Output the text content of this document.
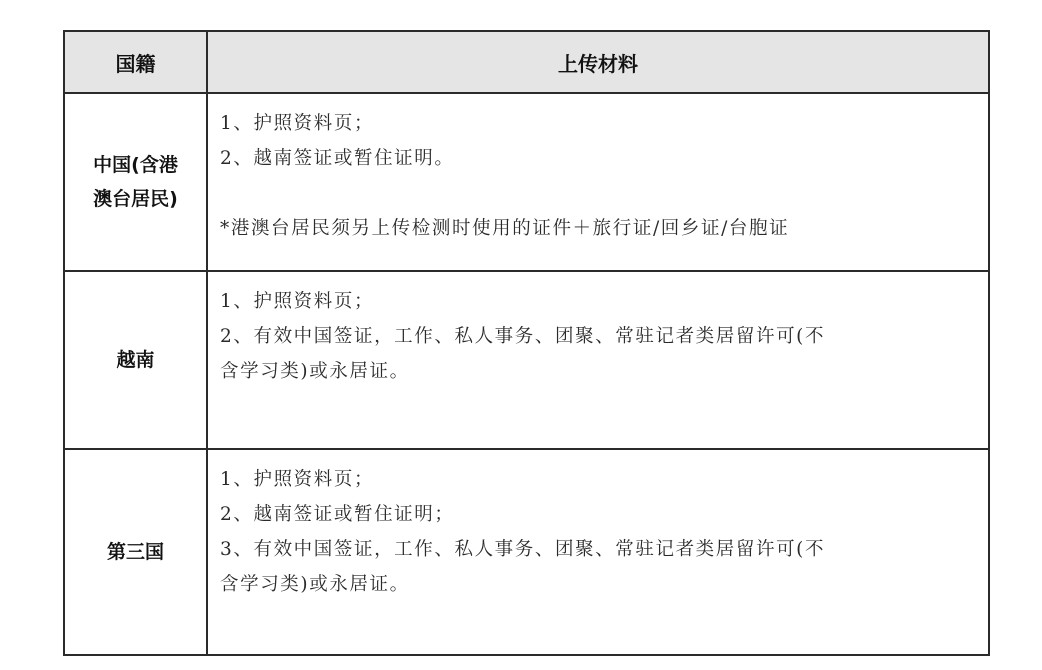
国籍	上传材料

中国(含港
澳台居民)	1、护照资料页；
2、越南签证或暂住证明。
*港澳台居民须另上传检测时使用的证件＋旅行证/回乡证/台胞证

越南	1、护照资料页；
2、有效中国签证，工作、私人事务、团聚、常驻记者类居留许可(不
含学习类)或永居证。

第三国	1、护照资料页；
2、越南签证或暂住证明；
3、有效中国签证，工作、私人事务、团聚、常驻记者类居留许可(不
含学习类)或永居证。
